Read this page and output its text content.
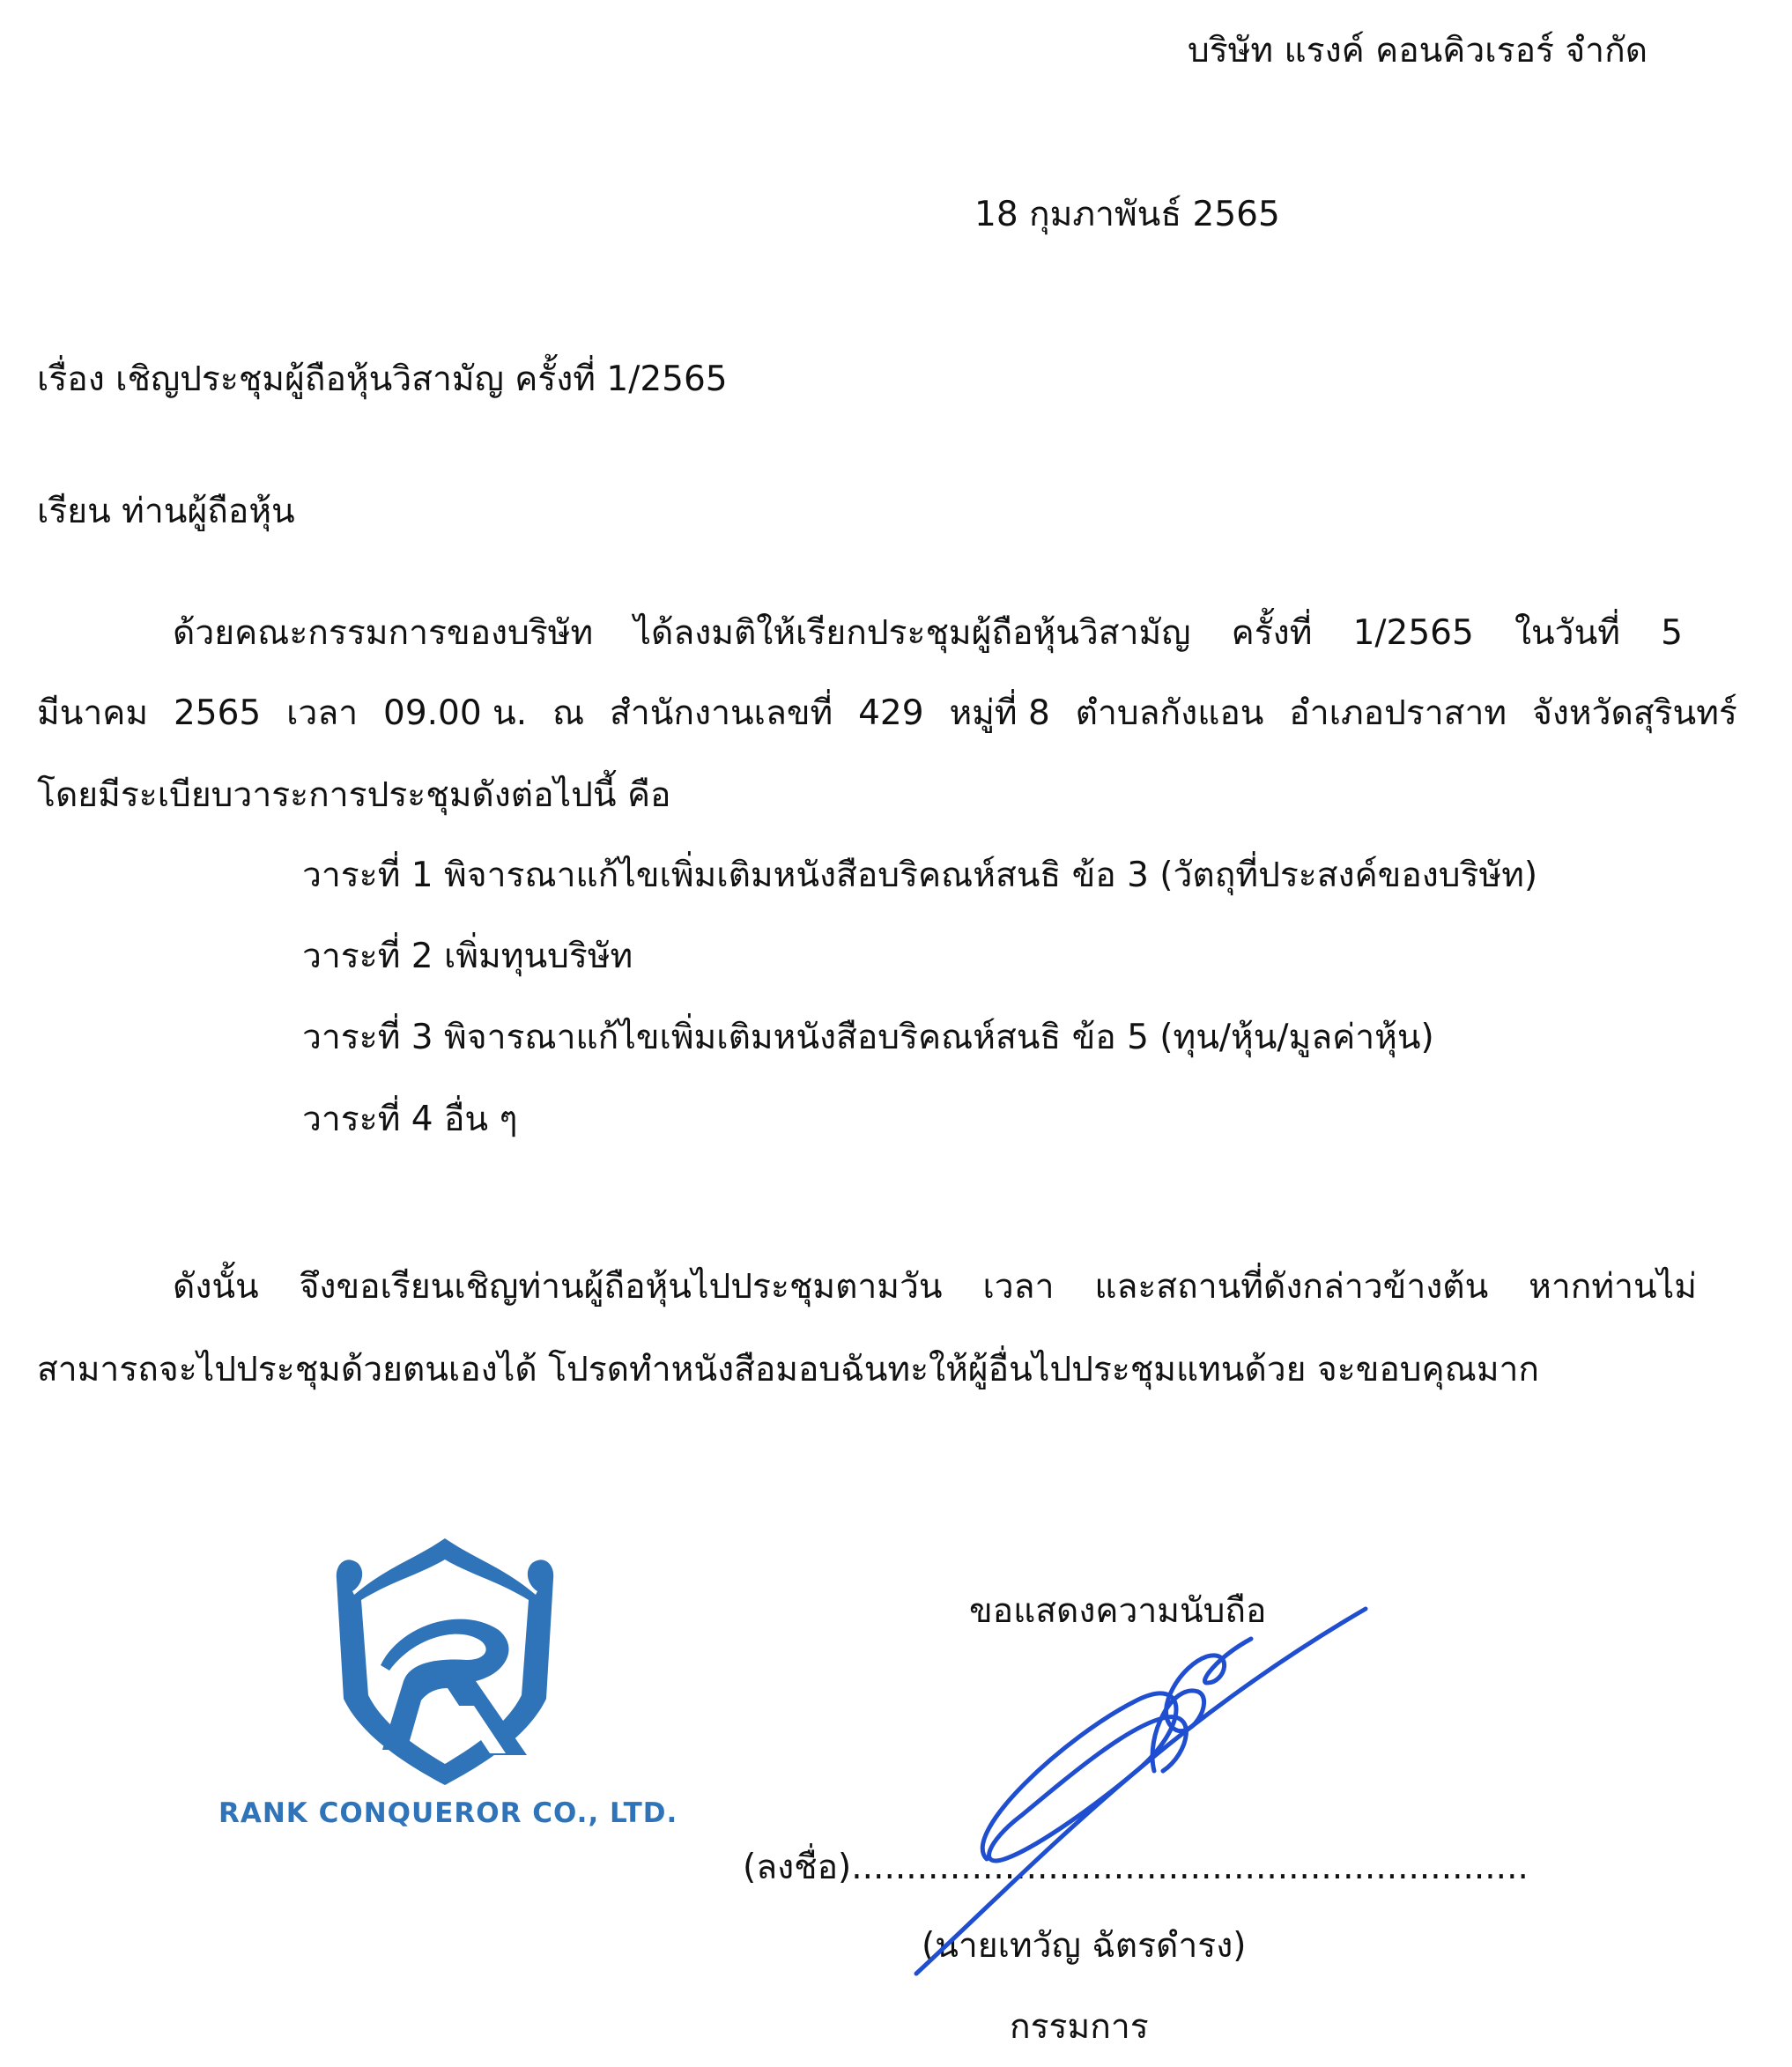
บริษัท แรงค์ คอนคิวเรอร์ จำกัด
18 กุมภาพันธ์ 2565
เรื่อง เชิญประชุมผู้ถือหุ้นวิสามัญ ครั้งที่ 1/2565
เรียน ท่านผู้ถือหุ้น
ด้วยคณะกรรมการของบริษัท ได้ลงมติให้เรียกประชุมผู้ถือหุ้นวิสามัญ ครั้งที่ 1/2565 ในวันที่ 5
มีนาคม 2565 เวลา 09.00 น. ณ สำนักงานเลขที่ 429 หมู่ที่ 8 ตำบลกังแอน อำเภอปราสาท จังหวัดสุรินทร์
โดยมีระเบียบวาระการประชุมดังต่อไปนี้ คือ
วาระที่ 1 พิจารณาแก้ไขเพิ่มเติมหนังสือบริคณห์สนธิ ข้อ 3 (วัตถุที่ประสงค์ของบริษัท)
วาระที่ 2 เพิ่มทุนบริษัท
วาระที่ 3 พิจารณาแก้ไขเพิ่มเติมหนังสือบริคณห์สนธิ ข้อ 5 (ทุน/หุ้น/มูลค่าหุ้น)
วาระที่ 4 อื่น ๆ
ดังนั้น จึงขอเรียนเชิญท่านผู้ถือหุ้นไปประชุมตามวัน เวลา และสถานที่ดังกล่าวข้างต้น หากท่านไม่
สามารถจะไปประชุมด้วยตนเองได้ โปรดทำหนังสือมอบฉันทะให้ผู้อื่นไปประชุมแทนด้วย จะขอบคุณมาก
RANK CONQUEROR CO., LTD.
ขอแสดงความนับถือ
(ลงชื่อ)..............................................................
(นายเทวัญ ฉัตรดำรง)
กรรมการ
